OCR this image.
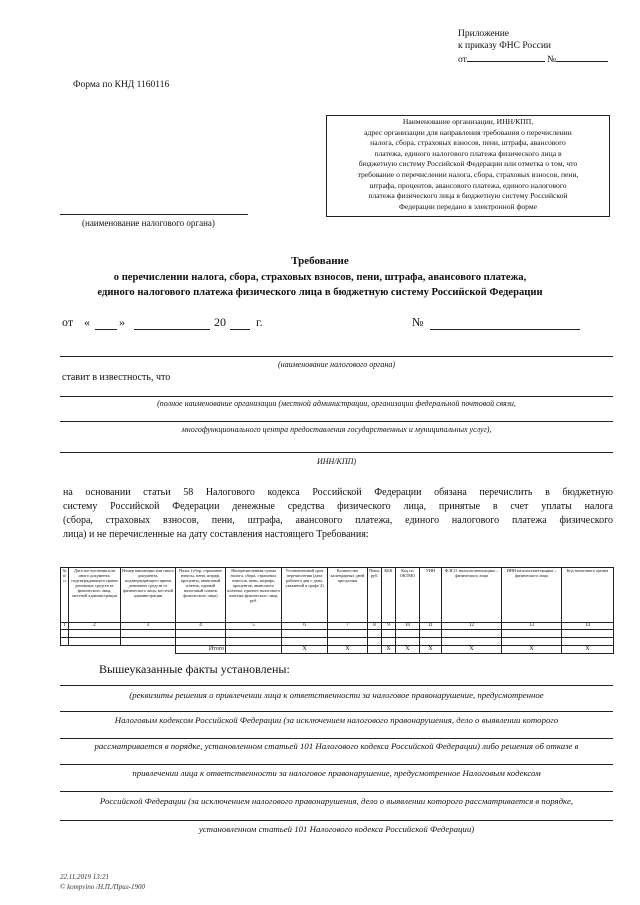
Приложение
к приказу ФНС России
от	№
Форма по КНД 1160116
Наименование организации, ИНН/КПП,
адрес организации для направления требования о перечислении
налога, сбора, страховых взносов, пени, штрафа, авансового
платежа, единого налогового платежа физического лица в
бюджетную систему Российской Федерации или отметка о том, что
требование о перечислении налога, сбора, страховых взносов, пени,
штрафа, процентов, авансового платежа, единого налогового
платежа физического лица в бюджетную систему Российской
Федерации передано в электронной форме
(наименование налогового органа)
Требование
о перечислении налога, сбора, страховых взносов, пени, штрафа, авансового платежа,
единого налогового платежа физического лица в бюджетную систему Российской Федерации
от « »	20	г.	№
(наименование налогового органа)
ставит в известность, что
(полное наименование организации (местной администрации, организации федеральной почтовой связи,
многофункционального центра предоставления государственных и муниципальных услуг),
ИНН/КПП)
на основании статьи 58 Налогового кодекса Российской Федерации обязана перечислить в бюджетную
систему Российской Федерации денежные средства физического лица, принятые в счет уплаты налога
(сбора, страховых взносов, пени, штрафа, авансового платежа, единого налогового платежа физического
лица) и не перечисленные на дату составления настоящего Требования:
№ п/п	Дата поступления или иного документа, подтверждающего прием денежных средств от физического лица, местной администрации	Номер квитанции или иного документа, подтверждающего прием денежных средств от физического лица, местной администрации	Налог (сбор, страховые взносы, пени, штраф, проценты, авансовый платеж, единый налоговый платеж физического лица)	Неперечисленная сумма налога, сбора, страховых взносов, пени, штрафа, процентов, авансового платежа, единого налогового платежа физического лица, руб.	Установленный срок перечисления (дата рабочего дня с даты, указанной в графе 2)	Количество календарных дней просрочки	Пени, руб.	КБК	Код по ОКТМО	УИН	Ф.И.О. налогоплательщика – физического лица	ИНН налогоплательщика – физического лица	Код налогового органа
1	2	3	4	5	6	7	8	9	10	11	12	13	14

			Итого		X	X		X	X	X	X	X	X
Вышеуказанные факты установлены:
(реквизиты решения о привлечении лица к ответственности за налоговое правонарушение, предусмотренное
Налоговым кодексом Российской Федерации (за исключением налогового правонарушения, дело о выявлении которого
рассматривается в порядке, установленном статьей 101 Налогового кодекса Российской Федерации) либо решения об отказе в
привлечении лица к ответственности за налоговое правонарушение, предусмотренное Налоговым кодексом
Российской Федерации (за исключением налогового правонарушения, дело о выявлении которого рассматривается в порядке,
установленном статьей 101 Налогового кодекса Российской Федерации)
22.11.2019 13:21
© kompvino /Н.П./Прил-1900
